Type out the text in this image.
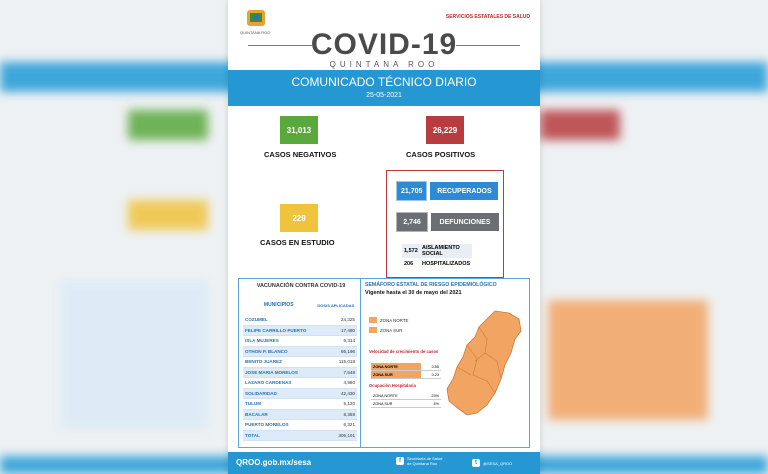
QUINTANA ROO
SERVICIOS ESTATALES DE SALUD
COVID-19
QUINTANA ROO
COMUNICADO TÉCNICO DIARIO
25-05-2021
31,013
CASOS NEGATIVOS
26,229
CASOS POSITIVOS
229
CASOS EN ESTUDIO
21,705	RECUPERADOS
2,746	DEFUNCIONES
1,572 AISLAMIENTO
SOCIAL
206	HOSPITALIZADOS
VACUNACIÓN CONTRA COVID-19
MUNICIPIOS	DOSIS APLICADAS
COZUMEL	24,325
FELIPE CARRILLO PUERTO	17,480
ISLA MUJERES	6,314
OTHON P. BLANCO	66,196
BENITO JUAREZ	115,018
JOSE MARIA MORELOS	7,548
LAZARO CARDENAS	4,980
SOLIDARIDAD	42,430
TULUM	5,120
BACALAR	8,359
PUERTO MORELOS	6,321
TOTAL	306,101
SEMÁFORO ESTATAL DE RIESGO EPIDEMIOLÓGICO
Vigente hasta el 30 de mayo del 2021
ZONA NORTE
ZONA SUR
Velocidad de crecimiento de casos
ZONA NORTE	0.55
ZONA SUR	0.23
Ocupación Hospitalaria
ZONA NORTE	23%
ZONA SUR	4%
QROO.gob.mx/sesa	f	Secretaría de Salud
de Quintana Roo	t	@SESA_QROO
